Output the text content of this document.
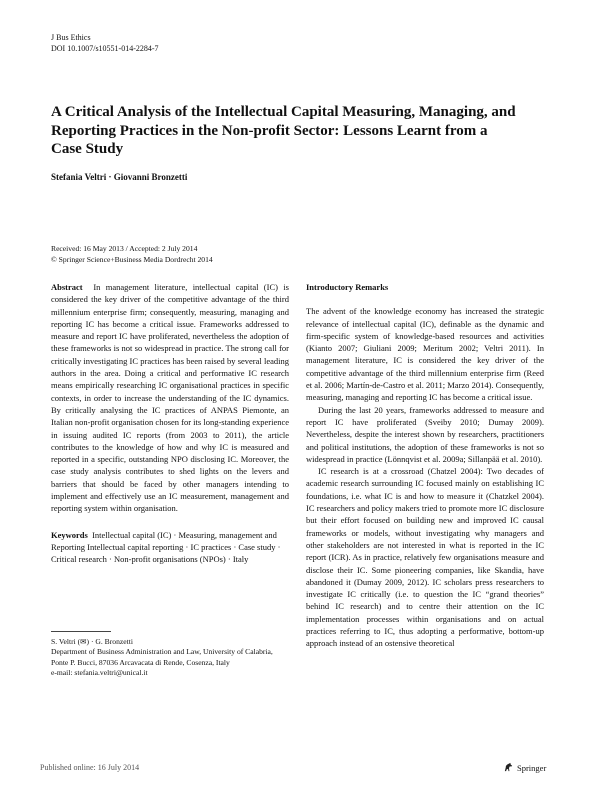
J Bus Ethics
DOI 10.1007/s10551-014-2284-7
A Critical Analysis of the Intellectual Capital Measuring, Managing, and Reporting Practices in the Non-profit Sector: Lessons Learnt from a Case Study
Stefania Veltri · Giovanni Bronzetti
Received: 16 May 2013 / Accepted: 2 July 2014
© Springer Science+Business Media Dordrecht 2014

Abstract In management literature, intellectual capital (IC) is considered the key driver of the competitive advantage of the third millennium enterprise firm; consequently, measuring, managing and reporting IC has become a critical issue. Frameworks addressed to measure and report IC have proliferated, nevertheless the adoption of these frameworks is not so widespread in practice. The strong call for critically investigating IC practices has been raised by several leading authors in the area. Doing a critical and performative IC research means empirically researching IC organisational practices in specific contexts, in order to increase the understanding of the IC dynamics. By critically analysing the IC practices of ANPAS Piemonte, an Italian non-profit organisation chosen for its long-standing experience in issuing audited IC reports (from 2003 to 2011), the article contributes to the knowledge of how and why IC is measured and reported in a specific, outstanding NPO disclosing IC. Moreover, the case study analysis contributes to shed lights on the levers and barriers that should be faced by other managers intending to implement and effectively use an IC measurement, management and reporting system within organisation.

Keywords Intellectual capital (IC) · Measuring, management and Reporting Intellectual capital reporting · IC practices · Case study · Critical research · Non-profit organisations (NPOs) · Italy

S. Veltri (✉) · G. Bronzetti
Department of Business Administration and Law, University of Calabria, Ponte P. Bucci, 87036 Arcavacata di Rende, Cosenza, Italy
e-mail: stefania.veltri@unical.it

Introductory Remarks

The advent of the knowledge economy has increased the strategic relevance of intellectual capital (IC), definable as the dynamic and firm-specific system of knowledge-based resources and activities (Kianto 2007; Giuliani 2009; Meritum 2002; Veltri 2011). In management literature, IC is considered the key driver of the competitive advantage of the third millennium enterprise firm (Reed et al. 2006; Martín-de-Castro et al. 2011; Marzo 2014). Consequently, measuring, managing and reporting IC has become a critical issue.

During the last 20 years, frameworks addressed to measure and report IC have proliferated (Sveiby 2010; Dumay 2009). Nevertheless, despite the interest shown by researchers, practitioners and political institutions, the adoption of these frameworks is not so widespread in practice (Lönnqvist et al. 2009a; Sillanpää et al. 2010).

IC research is at a crossroad (Chatzel 2004): Two decades of academic research surrounding IC focused mainly on establishing IC foundations, i.e. what IC is and how to measure it (Chatzkel 2004). IC researchers and policy makers tried to promote more IC disclosure but their effort focused on building new and improved IC causal frameworks or models, without investigating why managers and other stakeholders are not interested in what is reported in the IC report (ICR). As in practice, relatively few organisations measure and disclose their IC. Some pioneering companies, like Skandia, have abandoned it (Dumay 2009, 2012). IC scholars press researchers to investigate IC critically (i.e. to question the IC “grand theories” behind IC research) and to centre their attention on the IC implementation processes within organisations and on actual practices referring to IC, thus adopting a performative, bottom-up approach instead of an ostensive theoretical

Published online: 16 July 2014	Springer
